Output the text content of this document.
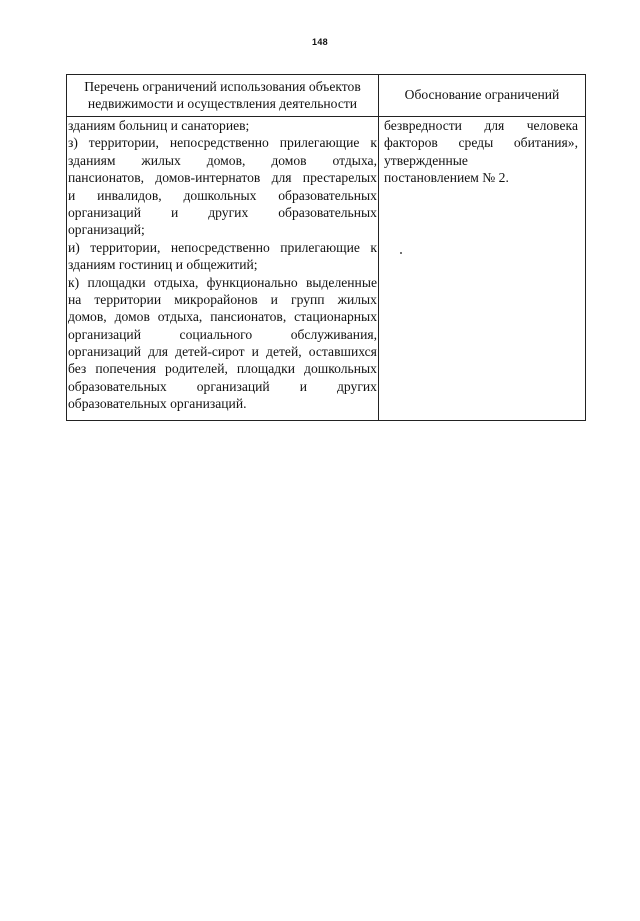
148
Перечень ограничений использования объектов
недвижимости и осуществления деятельности
Обоснование ограничений
зданиям больниц и санаториев;
з) территории, непосредственно прилегающие к
зданиям жилых домов, домов отдыха,
пансионатов, домов-интернатов для престарелых
и инвалидов, дошкольных образовательных
организаций и других образовательных
организаций;
и) территории, непосредственно прилегающие к
зданиям гостиниц и общежитий;
к) площадки отдыха, функционально выделенные
на территории микрорайонов и групп жилых
домов, домов отдыха, пансионатов, стационарных
организаций	социального	обслуживания,
организаций для детей-сирот и детей, оставшихся
без попечения родителей, площадки дошкольных
образовательных организаций и других
образовательных организаций.
безвредности для человека
факторов среды обитания»,
утвержденные
постановлением № 2.
